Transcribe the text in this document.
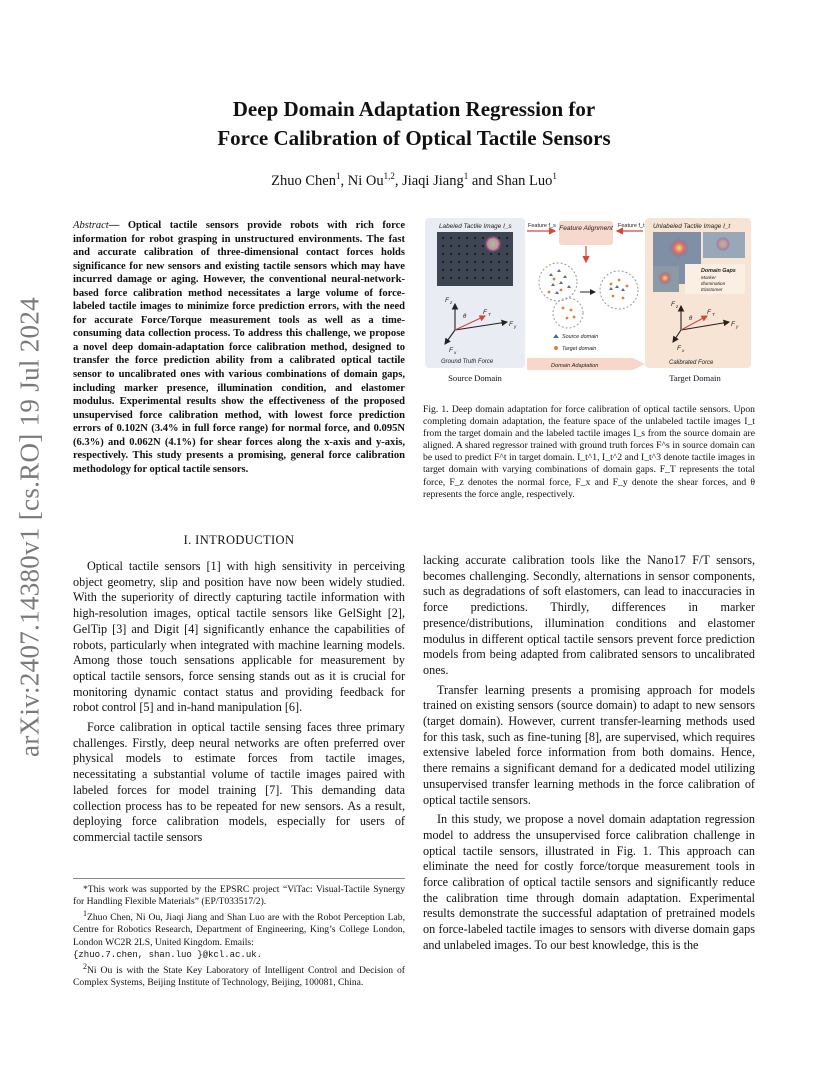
arXiv:2407.14380v1 [cs.RO] 19 Jul 2024
Deep Domain Adaptation Regression for
Force Calibration of Optical Tactile Sensors
Zhuo Chen$^1$, Ni Ou$^{1,2}$, Jiaqi Jiang$^1$ and Shan Luo$^1$
Abstract— Optical tactile sensors provide robots with rich force information for robot grasping in unstructured environments. The fast and accurate calibration of three-dimensional contact forces holds significance for new sensors and existing tactile sensors which may have incurred damage or aging. However, the conventional neural-network-based force calibration method necessitates a large volume of force-labeled tactile images to minimize force prediction errors, with the need for accurate Force/Torque measurement tools as well as a time-consuming data collection process. To address this challenge, we propose a novel deep domain-adaptation force calibration method, designed to transfer the force prediction ability from a calibrated optical tactile sensor to uncalibrated ones with various combinations of domain gaps, including marker presence, illumination condition, and elastomer modulus. Experimental results show the effectiveness of the proposed unsupervised force calibration method, with lowest force prediction errors of 0.102N (3.4% in full force range) for normal force, and 0.095N (6.3%) and 0.062N (4.1%) for shear forces along the x-axis and y-axis, respectively. This study presents a promising, general force calibration methodology for optical tactile sensors.
I. INTRODUCTION

Optical tactile sensors [1] with high sensitivity in perceiving object geometry, slip and position have now been widely studied. With the superiority of directly capturing tactile information with high-resolution images, optical tactile sensors like GelSight [2], GelTip [3] and Digit [4] significantly enhance the capabilities of robots, particularly when integrated with machine learning models. Among those touch sensations applicable for measurement by optical tactile sensors, force sensing stands out as it is crucial for monitoring dynamic contact status and providing feedback for robot control [5] and in-hand manipulation [6].

Force calibration in optical tactile sensing faces three primary challenges. Firstly, deep neural networks are often preferred over physical models to estimate forces from tactile images, necessitating a substantial volume of tactile images paired with labeled forces for model training [7]. This demanding data collection process has to be repeated for new sensors. As a result, deploying force calibration models, especially for users of commercial tactile sensors

*This work was supported by the EPSRC project “ViTac: Visual-Tactile Synergy for Handling Flexible Materials” (EP/T033517/2).

$^1$Zhuo Chen, Ni Ou, Jiaqi Jiang and Shan Luo are with the Robot Perception Lab, Centre for Robotics Research, Department of Engineering, King’s College London, London WC2R 2LS, United Kingdom. Emails:
{zhuo.7.chen, shan.luo }@kcl.ac.uk.

$^2$Ni Ou is with the State Key Laboratory of Intelligent Control and Decision of Complex Systems, Beijing Institute of Technology, Beijing, 100081, China.

Labeled Tactile Image I_s	Feature f_s Feature Alignment Feature f_t
Source domain
Target domain
F z
F y
F x
F T
θ
Ground Truth Force
Domain Adaptation
Unlabeled Tactile Image I_t
Domain Gaps
Marker
Illumination
Elastomer
F z
F y
F x
F T
θ
Calibrated Force
Source Domain	Target Domain
Fig. 1. Deep domain adaptation for force calibration of optical tactile sensors. Upon completing domain adaptation, the feature space of the unlabeled tactile images I_t from the target domain and the labeled tactile images I_s from the source domain are aligned. A shared regressor trained with ground truth forces F^s in source domain can be used to predict F^t in target domain. I_t^1, I_t^2 and I_t^3 denote tactile images in target domain with varying combinations of domain gaps. F_T represents the total force, F_z denotes the normal force, F_x and F_y denote the shear forces, and θ represents the force angle, respectively.

lacking accurate calibration tools like the Nano17 F/T sensors, becomes challenging. Secondly, alternations in sensor components, such as degradations of soft elastomers, can lead to inaccuracies in force predictions. Thirdly, differences in marker presence/distributions, illumination conditions and elastomer modulus in different optical tactile sensors prevent force prediction models from being adapted from calibrated sensors to uncalibrated ones.

Transfer learning presents a promising approach for models trained on existing sensors (source domain) to adapt to new sensors (target domain). However, current transfer-learning methods used for this task, such as fine-tuning [8], are supervised, which requires extensive labeled force information from both domains. Hence, there remains a significant demand for a dedicated model utilizing unsupervised transfer learning methods in the force calibration of optical tactile sensors.

In this study, we propose a novel domain adaptation regression model to address the unsupervised force calibration challenge in optical tactile sensors, illustrated in Fig. 1. This approach can eliminate the need for costly force/torque measurement tools in force calibration of optical tactile sensors and significantly reduce the calibration time through domain adaptation. Experimental results demonstrate the successful adaptation of pretrained models on force-labeled tactile images to sensors with diverse domain gaps and unlabeled images. To our best knowledge, this is the
